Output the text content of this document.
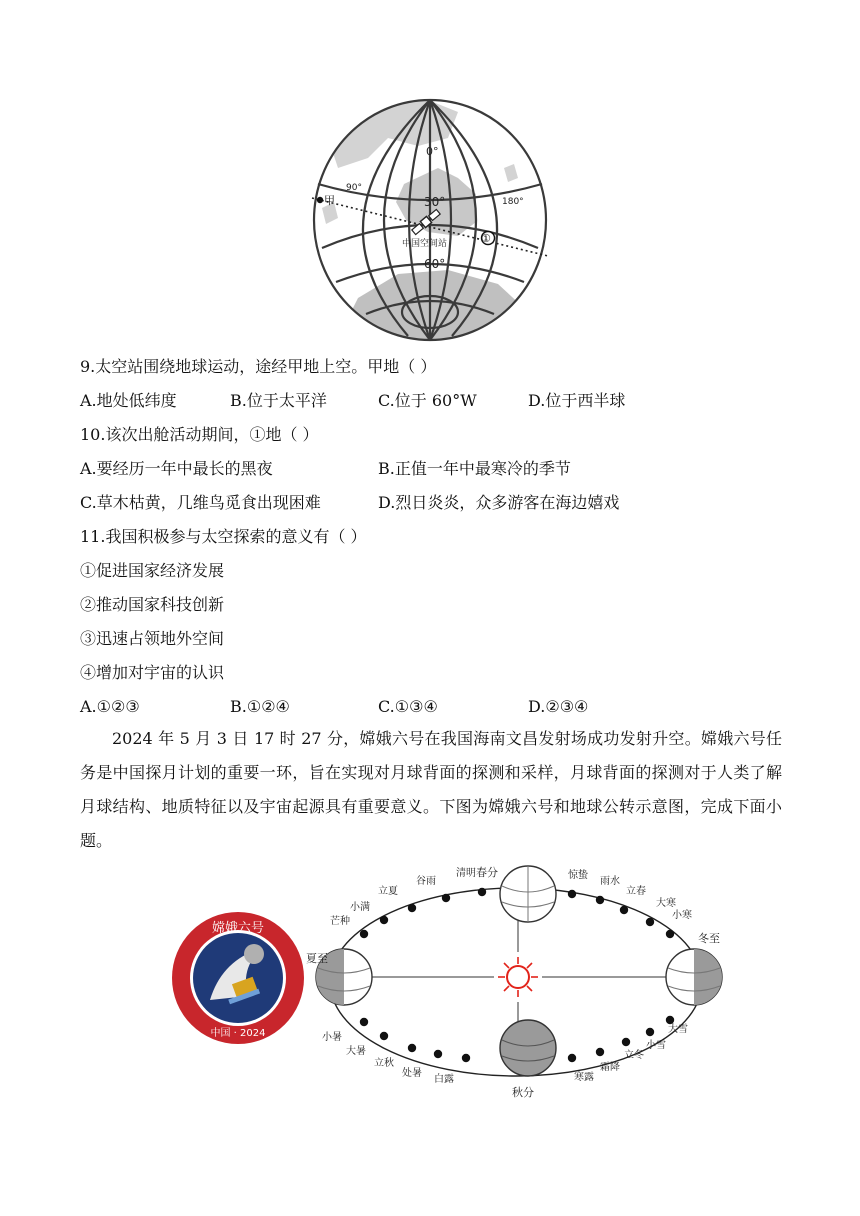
甲
0°
90°
180°
30°
60°
中国空间站	①
9.太空站围绕地球运动，途经甲地上空。甲地（ ）
A.地处低纬度	B.位于太平洋	C.位于 60°W	D.位于西半球
10.该次出舱活动期间，①地（ ）
A.要经历一年中最长的黑夜	B.正值一年中最寒冷的季节
C.草木枯黄，几维鸟觅食出现困难	D.烈日炎炎，众多游客在海边嬉戏
11.我国积极参与太空探索的意义有（ ）
①促进国家经济发展
②推动国家科技创新
③迅速占领地外空间
④增加对宇宙的认识
A.①②③	B.①②④	C.①③④	D.②③④
2024 年 5 月 3 日 17 时 27 分，嫦娥六号在我国海南文昌发射场成功发射升空。嫦娥六号任务是中国探月计划的重要一环，旨在实现对月球背面的探测和采样，月球背面的探测对于人类了解月球结构、地质特征以及宇宙起源具有重要意义。下图为嫦娥六号和地球公转示意图，完成下面小题。
嫦娥六号
中国 · 2024
春分
夏至
秋分
冬至
清明
谷雨
立夏
小满
芒种
小暑
大暑
立秋
处暑
白露	寒露
霜降
立冬
小雪
大雪
小寒
大寒
立春
雨水
惊蛰
